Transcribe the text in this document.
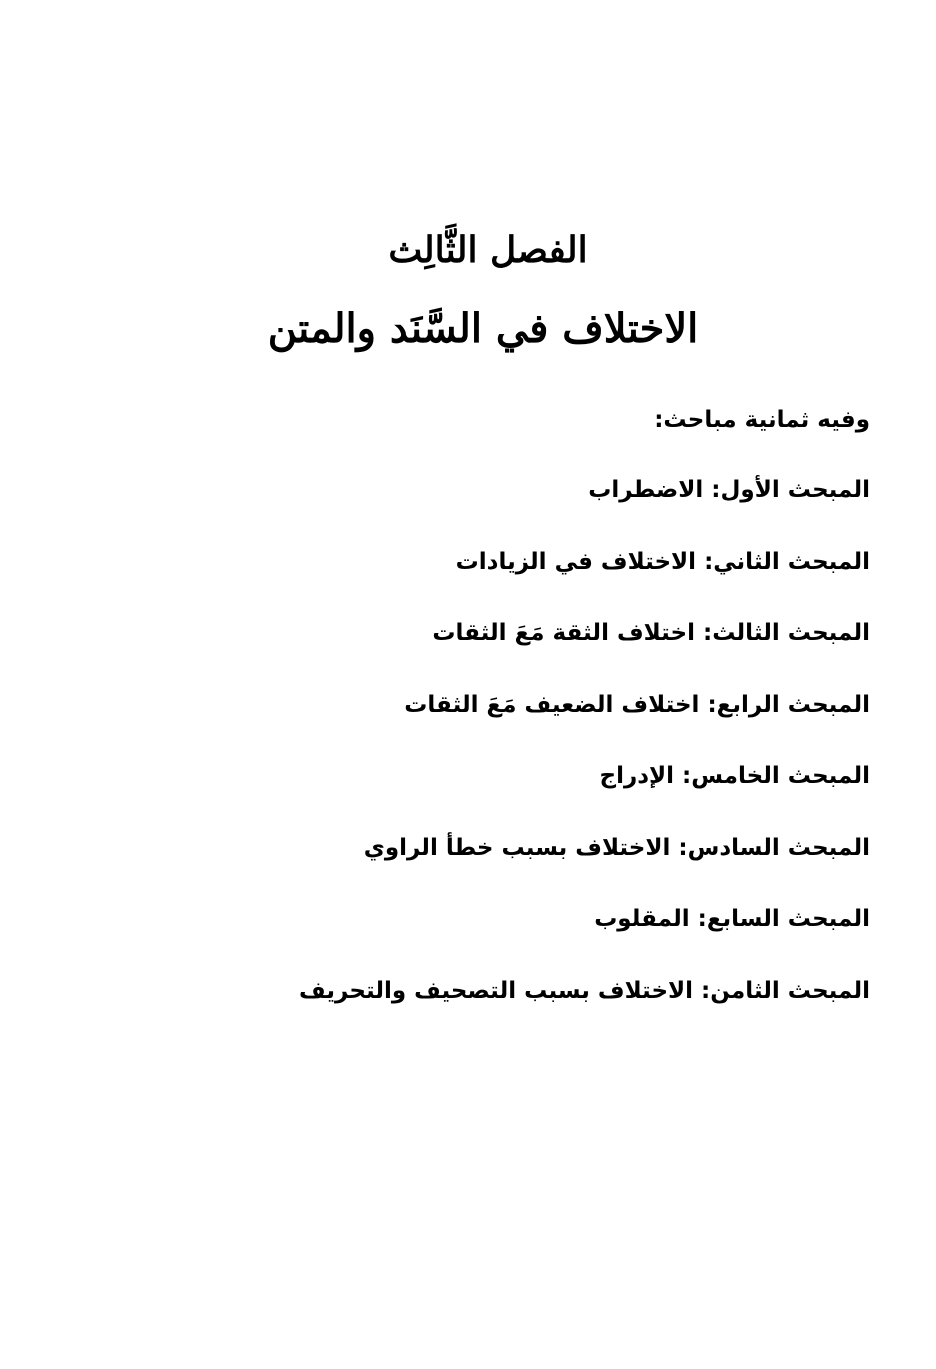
الفصل الثَّالِث
الاختلاف في السَّنَد والمتن

وفيه ثمانية مباحث:

المبحث الأول: الاضطراب
المبحث الثاني: الاختلاف في الزيادات
المبحث الثالث: اختلاف الثقة مَعَ الثقات
المبحث الرابع: اختلاف الضعيف مَعَ الثقات
المبحث الخامس: الإدراج
المبحث السادس: الاختلاف بسبب خطأ الراوي
المبحث السابع: المقلوب
المبحث الثامن: الاختلاف بسبب التصحيف والتحريف
